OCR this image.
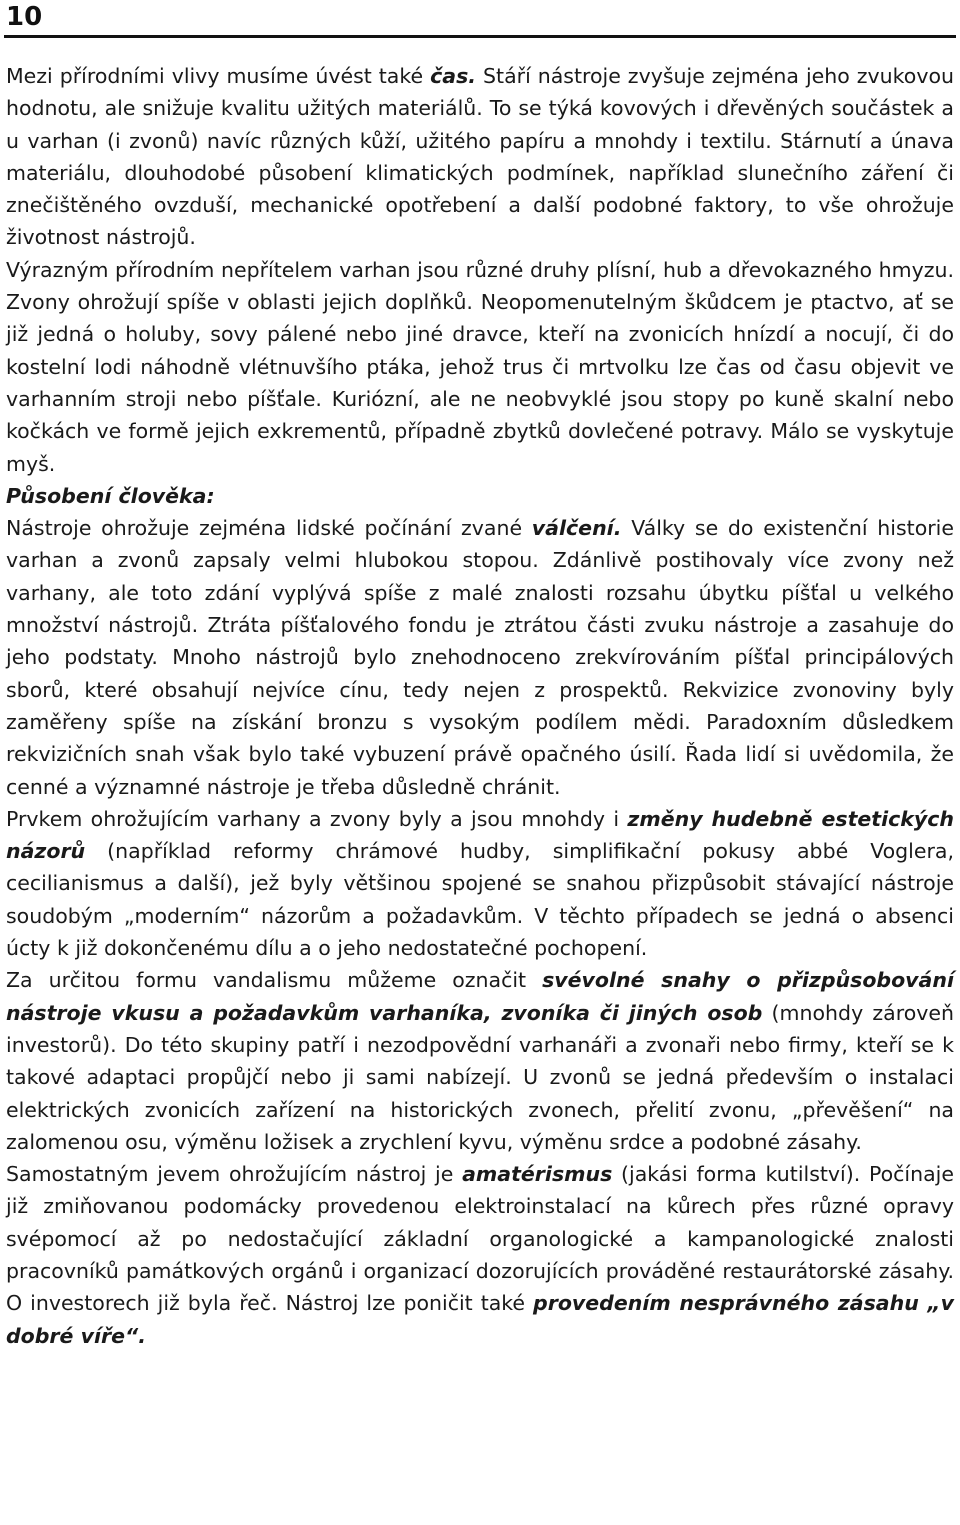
10

Mezi přírodními vlivy musíme úvést také čas. Stáří nástroje zvyšuje zejména jeho zvukovou hodnotu, ale snižuje kvalitu užitých materiálů. To se týká kovových i dřevěných součástek a u varhan (i zvonů) navíc různých kůží, užitého papíru a mnohdy i textilu. Stárnutí a únava materiálu, dlouhodobé působení klimatických podmínek, například slunečního záření či znečištěného ovzduší, mechanické opotřebení a další podobné faktory, to vše ohrožuje životnost nástrojů.

Výrazným přírodním nepřítelem varhan jsou různé druhy plísní, hub a dřevokazného hmyzu. Zvony ohrožují spíše v oblasti jejich doplňků. Neopomenutelným škůdcem je ptactvo, ať se již jedná o holuby, sovy pálené nebo jiné dravce, kteří na zvonicích hnízdí a nocují, či do kostelní lodi náhodně vlétnuvšího ptáka, jehož trus či mrtvolku lze čas od času objevit ve varhanním stroji nebo píšťale. Kuriózní, ale ne neobvyklé jsou stopy po kuně skalní nebo kočkách ve formě jejich exkrementů, případně zbytků dovlečené potravy. Málo se vyskytuje myš.

Působení člověka:

Nástroje ohrožuje zejména lidské počínání zvané válčení. Války se do existenční historie varhan a zvonů zapsaly velmi hlubokou stopou. Zdánlivě postihovaly více zvony než varhany, ale toto zdání vyplývá spíše z malé znalosti rozsahu úbytku píšťal u velkého množství nástrojů. Ztráta píšťalového fondu je ztrátou části zvuku nástroje a zasahuje do jeho podstaty. Mnoho nástrojů bylo znehodnoceno zrekvírováním píšťal principálových sborů, které obsahují nejvíce cínu, tedy nejen z prospektů. Rekvizice zvonoviny byly zaměřeny spíše na získání bronzu s vysokým podílem mědi. Paradoxním důsledkem rekvizičních snah však bylo také vybuzení právě opačného úsilí. Řada lidí si uvědomila, že cenné a významné nástroje je třeba důsledně chránit.

Prvkem ohrožujícím varhany a zvony byly a jsou mnohdy i změny hudebně estetických názorů (například reformy chrámové hudby, simplifikační pokusy abbé Voglera, cecilianismus a další), jež byly většinou spojené se snahou přizpůsobit stávající nástroje soudobým „moderním“ názorům a požadavkům. V těchto případech se jedná o absenci úcty k již dokončenému dílu a o jeho nedostatečné pochopení.

Za určitou formu vandalismu můžeme označit svévolné snahy o přizpůsobování nástroje vkusu a požadavkům varhaníka, zvoníka či jiných osob (mnohdy zároveň investorů). Do této skupiny patří i nezodpovědní varhanáři a zvonaři nebo firmy, kteří se k takové adaptaci propůjčí nebo ji sami nabízejí. U zvonů se jedná především o instalaci elektrických zvonicích zařízení na historických zvonech, přelití zvonu, „převěšení“ na zalomenou osu, výměnu ložisek a zrychlení kyvu, výměnu srdce a podobné zásahy.

Samostatným jevem ohrožujícím nástroj je amatérismus (jakási forma kutilství). Počínaje již zmiňovanou podomácky provedenou elektroinstalací na kůrech přes různé opravy svépomocí až po nedostačující základní organologické a kampanologické znalosti pracovníků památkových orgánů i organizací dozorujících prováděné restaurátorské zásahy. O investorech již byla řeč. Nástroj lze poničit také provedením nesprávného zásahu „v dobré víře“.
